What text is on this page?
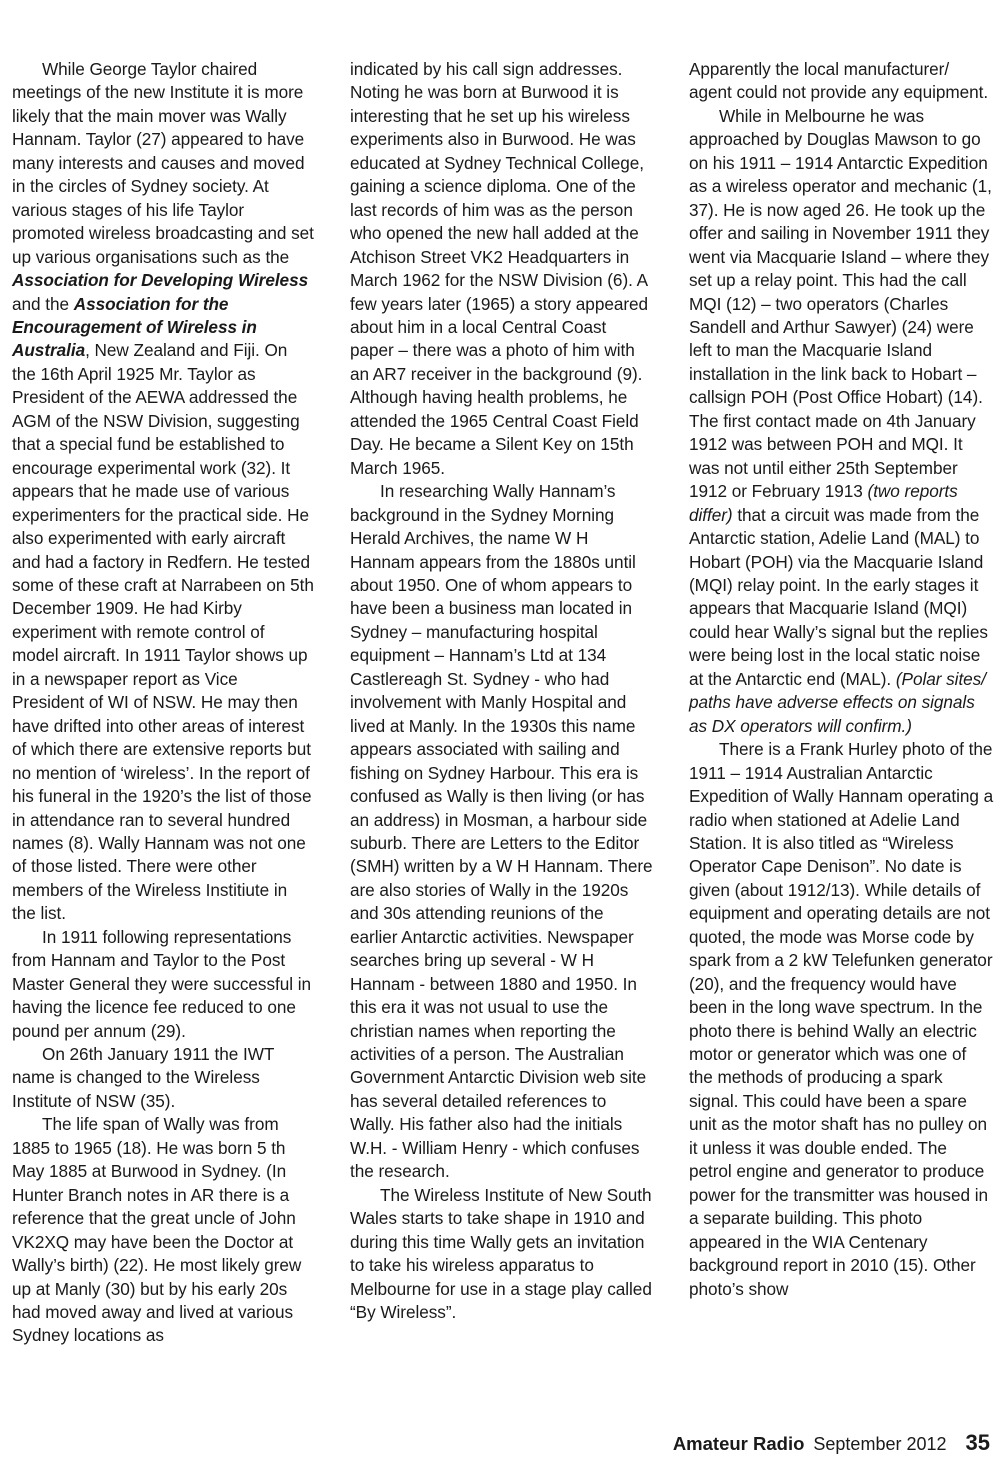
While George Taylor chaired meetings of the new Institute it is more likely that the main mover was Wally Hannam. Taylor (27) appeared to have many interests and causes and moved in the circles of Sydney society. At various stages of his life Taylor promoted wireless broadcasting and set up various organisations such as the Association for Developing Wireless and the Association for the Encouragement of Wireless in Australia, New Zealand and Fiji. On the 16th April 1925 Mr. Taylor as President of the AEWA addressed the AGM of the NSW Division, suggesting that a special fund be established to encourage experimental work (32). It appears that he made use of various experimenters for the practical side. He also experimented with early aircraft and had a factory in Redfern. He tested some of these craft at Narrabeen on 5th December 1909. He had Kirby experiment with remote control of model aircraft. In 1911 Taylor shows up in a newspaper report as Vice President of WI of NSW. He may then have drifted into other areas of interest of which there are extensive reports but no mention of ‘wireless’. In the report of his funeral in the 1920’s the list of those in attendance ran to several hundred names (8). Wally Hannam was not one of those listed. There were other members of the Wireless Institiute in the list.

In 1911 following representations from Hannam and Taylor to the Post Master General they were successful in having the licence fee reduced to one pound per annum (29).

On 26th January 1911 the IWT name is changed to the Wireless Institute of NSW (35).

The life span of Wally was from 1885 to 1965 (18). He was born 5 th May 1885 at Burwood in Sydney. (In Hunter Branch notes in AR there is a reference that the great uncle of John VK2XQ may have been the Doctor at Wally’s birth) (22). He most likely grew up at Manly (30) but by his early 20s had moved away and lived at various Sydney locations as

indicated by his call sign addresses. Noting he was born at Burwood it is interesting that he set up his wireless experiments also in Burwood. He was educated at Sydney Technical College, gaining a science diploma. One of the last records of him was as the person who opened the new hall added at the Atchison Street VK2 Headquarters in March 1962 for the NSW Division (6). A few years later (1965) a story appeared about him in a local Central Coast paper – there was a photo of him with an AR7 receiver in the background (9). Although having health problems, he attended the 1965 Central Coast Field Day. He became a Silent Key on 15th March 1965.

In researching Wally Hannam’s background in the Sydney Morning Herald Archives, the name W H Hannam appears from the 1880s until about 1950. One of whom appears to have been a business man located in Sydney – manufacturing hospital equipment – Hannam’s Ltd at 134 Castlereagh St. Sydney - who had involvement with Manly Hospital and lived at Manly. In the 1930s this name appears associated with sailing and fishing on Sydney Harbour. This era is confused as Wally is then living (or has an address) in Mosman, a harbour side suburb. There are Letters to the Editor (SMH) written by a W H Hannam. There are also stories of Wally in the 1920s and 30s attending reunions of the earlier Antarctic activities. Newspaper searches bring up several - W H Hannam - between 1880 and 1950. In this era it was not usual to use the christian names when reporting the activities of a person. The Australian Government Antarctic Division web site has several detailed references to Wally. His father also had the initials W.H. - William Henry - which confuses the research.

The Wireless Institute of New South Wales starts to take shape in 1910 and during this time Wally gets an invitation to take his wireless apparatus to Melbourne for use in a stage play called “By Wireless”.

Apparently the local manufacturer/ agent could not provide any equipment.

While in Melbourne he was approached by Douglas Mawson to go on his 1911 – 1914 Antarctic Expedition as a wireless operator and mechanic (1, 37). He is now aged 26. He took up the offer and sailing in November 1911 they went via Macquarie Island – where they set up a relay point. This had the call MQI (12) – two operators (Charles Sandell and Arthur Sawyer) (24) were left to man the Macquarie Island installation in the link back to Hobart – callsign POH (Post Office Hobart) (14). The first contact made on 4th January 1912 was between POH and MQI. It was not until either 25th September 1912 or February 1913 (two reports differ) that a circuit was made from the Antarctic station, Adelie Land (MAL) to Hobart (POH) via the Macquarie Island (MQI) relay point. In the early stages it appears that Macquarie Island (MQI) could hear Wally’s signal but the replies were being lost in the local static noise at the Antarctic end (MAL). (Polar sites/ paths have adverse effects on signals as DX operators will confirm.)

There is a Frank Hurley photo of the 1911 – 1914 Australian Antarctic Expedition of Wally Hannam operating a radio when stationed at Adelie Land Station. It is also titled as “Wireless Operator Cape Denison”. No date is given (about 1912/13). While details of equipment and operating details are not quoted, the mode was Morse code by spark from a 2 kW Telefunken generator (20), and the frequency would have been in the long wave spectrum. In the photo there is behind Wally an electric motor or generator which was one of the methods of producing a spark signal. This could have been a spare unit as the motor shaft has no pulley on it unless it was double ended. The petrol engine and generator to produce power for the transmitter was housed in a separate building. This photo appeared in the WIA Centenary background report in 2010 (15). Other photo’s show

Amateur Radio September 2012 35
